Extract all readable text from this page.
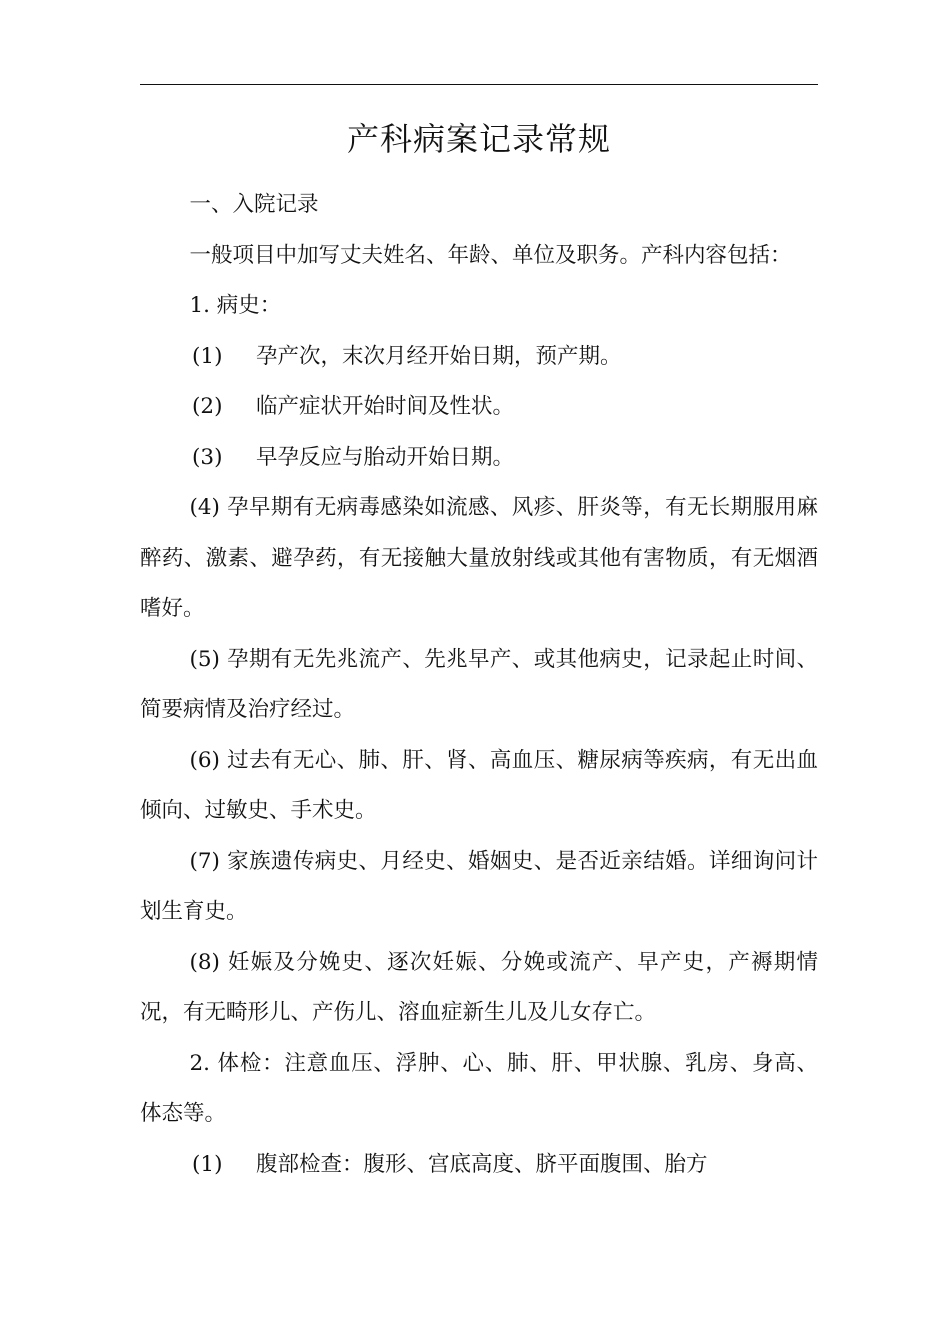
产科病案记录常规

一、入院记录

一般项目中加写丈夫姓名、年龄、单位及职务。产科内容包括：

1. 病史：

(1)	孕产次，末次月经开始日期，预产期。
(2)	临产症状开始时间及性状。
(3)	早孕反应与胎动开始日期。

(4) 孕早期有无病毒感染如流感、风疹、肝炎等，有无长期服用麻醉药、激素、避孕药，有无接触大量放射线或其他有害物质，有无烟酒嗜好。

(5) 孕期有无先兆流产、先兆早产、或其他病史，记录起止时间、简要病情及治疗经过。

(6) 过去有无心、肺、肝、肾、高血压、糖尿病等疾病，有无出血倾向、过敏史、手术史。

(7) 家族遗传病史、月经史、婚姻史、是否近亲结婚。详细询问计划生育史。

(8) 妊娠及分娩史、逐次妊娠、分娩或流产、早产史，产褥期情况，有无畸形儿、产伤儿、溶血症新生儿及儿女存亡。

2. 体检：注意血压、浮肿、心、肺、肝、甲状腺、乳房、身高、体态等。

(1)	腹部检查：腹形、宫底高度、脐平面腹围、胎方
